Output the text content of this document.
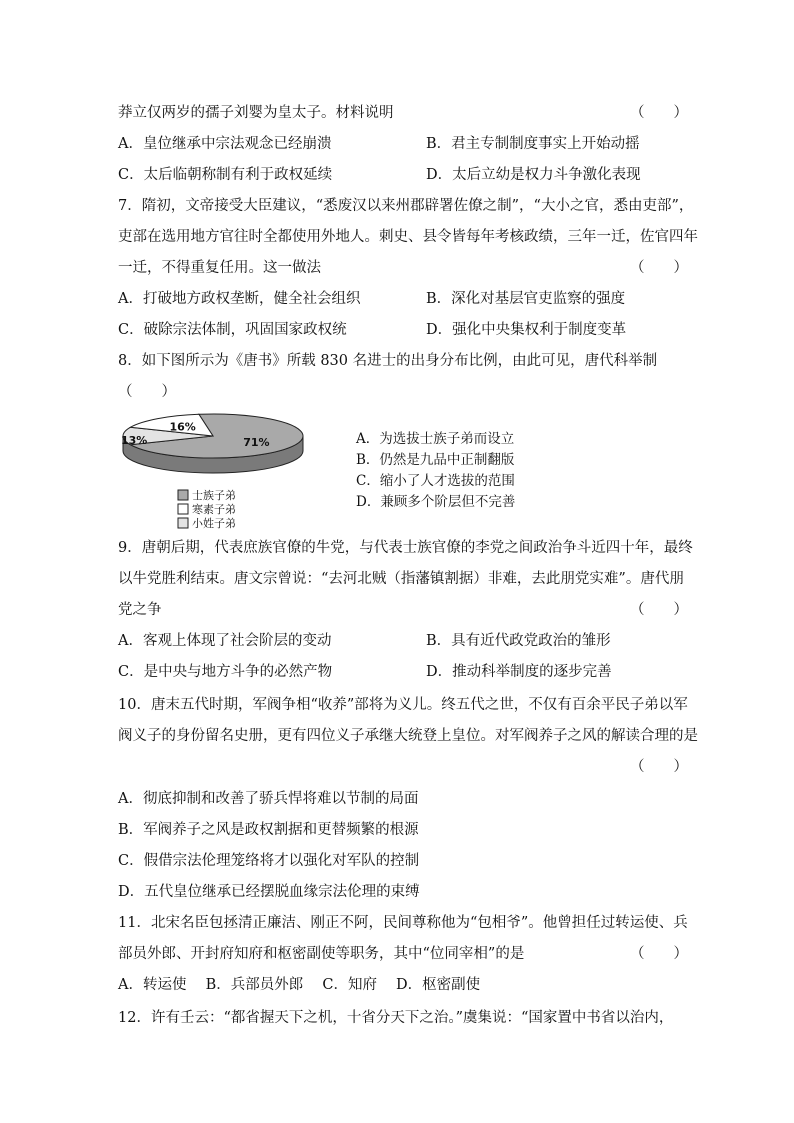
莽立仅两岁的孺子刘婴为皇太子。材料说明	（　　）
A．皇位继承中宗法观念已经崩溃	B．君主专制制度事实上开始动摇
C．太后临朝称制有利于政权延续	D．太后立幼是权力斗争激化表现
7．隋初，文帝接受大臣建议，“悉废汉以来州郡辟署佐僚之制”，“大小之官，悉由吏部”，
吏部在选用地方官往时全都使用外地人。刺史、县令皆每年考核政绩，三年一迁，佐官四年
一迁，不得重复任用。这一做法	（　　）
A．打破地方政权垄断，健全社会组织	B．深化对基层官吏监察的强度
C．破除宗法体制，巩固国家政权统	D．强化中央集权利于制度变革
8．如下图所示为《唐书》所载 830 名进士的出身分布比例，由此可见，唐代科举制
（　　）
71%
13%
16%
士族子弟
寒素子弟
小姓子弟
A．为选拔士族子弟而设立
B．仍然是九品中正制翻版
C．缩小了人才选拔的范围
D．兼顾多个阶层但不完善
9．唐朝后期，代表庶族官僚的牛党，与代表士族官僚的李党之间政治争斗近四十年，最终
以牛党胜利结束。唐文宗曾说：“去河北贼（指藩镇割据）非难，去此朋党实难”。唐代朋
党之争	（　　）
A．客观上体现了社会阶层的变动	B．具有近代政党政治的雏形
C．是中央与地方斗争的必然产物	D．推动科举制度的逐步完善
10．唐末五代时期，军阀争相“收养”部将为义儿。终五代之世，不仅有百余平民子弟以军
阀义子的身份留名史册，更有四位义子承继大统登上皇位。对军阀养子之风的解读合理的是
（　　）
A．彻底抑制和改善了骄兵悍将难以节制的局面
B．军阀养子之风是政权割据和更替频繁的根源
C．假借宗法伦理笼络将才以强化对军队的控制
D．五代皇位继承已经摆脱血缘宗法伦理的束缚
11．北宋名臣包拯清正廉洁、刚正不阿，民间尊称他为“包相爷”。他曾担任过转运使、兵
部员外郎、开封府知府和枢密副使等职务，其中“位同宰相”的是	（　　）
A．转运使　 B．兵部员外郎　 C．知府　 D．枢密副使
12．许有壬云：“都省握天下之机，十省分天下之治。”虞集说：“国家置中书省以治内，
